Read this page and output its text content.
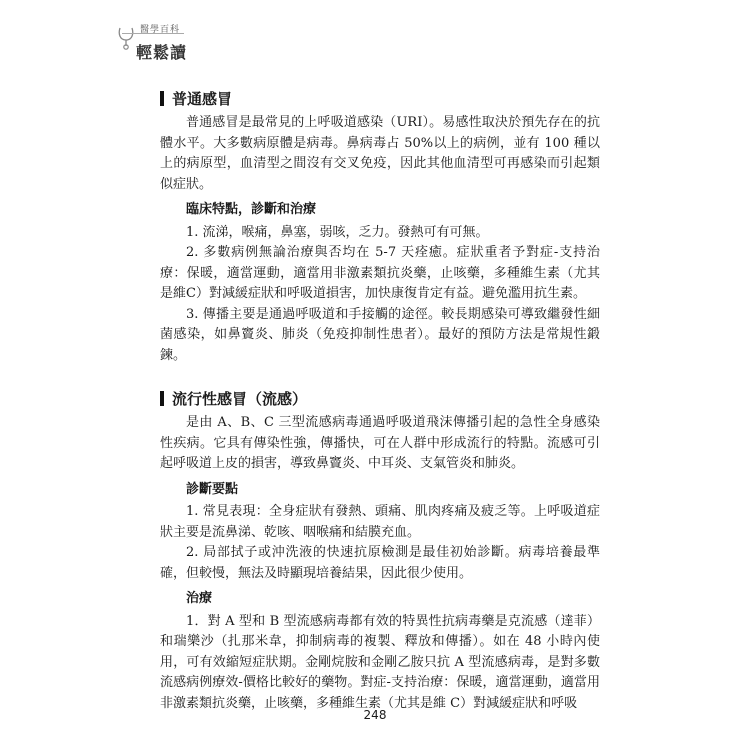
醫學百科
輕鬆讀
普通感冒

普通感冒是最常見的上呼吸道感染（URI）。易感性取決於預先存在的抗體水平。大多數病原體是病毒。鼻病毒占 50%以上的病例，並有 100 種以上的病原型，血清型之間沒有交叉免疫，因此其他血清型可再感染而引起類似症狀。

臨床特點，診斷和治療

1. 流涕，喉痛，鼻塞，弱咳，乏力。發熱可有可無。

2. 多數病例無論治療與否均在 5-7 天痊癒。症狀重者予對症-支持治療：保暖，適當運動，適當用非激素類抗炎藥，止咳藥，多種維生素（尤其是維C）對減緩症狀和呼吸道損害，加快康復肯定有益。避免濫用抗生素。

3. 傳播主要是通過呼吸道和手接觸的途徑。較長期感染可導致繼發性細菌感染，如鼻竇炎、肺炎（免疫抑制性患者）。最好的預防方法是常規性鍛鍊。

流行性感冒（流感）

是由 A、B、C 三型流感病毒通過呼吸道飛沫傳播引起的急性全身感染性疾病。它具有傳染性強，傳播快，可在人群中形成流行的特點。流感可引起呼吸道上皮的損害，導致鼻竇炎、中耳炎、支氣管炎和肺炎。

診斷要點

1. 常見表現：全身症狀有發熱、頭痛、肌肉疼痛及疲乏等。上呼吸道症狀主要是流鼻涕、乾咳、咽喉痛和結膜充血。

2. 局部拭子或沖洗液的快速抗原檢測是最佳初始診斷。病毒培養最準確，但較慢，無法及時顯現培養結果，因此很少使用。

治療

1．對 A 型和 B 型流感病毒都有效的特異性抗病毒藥是克流感（達菲）和瑞樂沙（扎那米韋，抑制病毒的複製、釋放和傳播）。如在 48 小時內使用，可有效縮短症狀期。金剛烷胺和金剛乙胺只抗 A 型流感病毒，是對多數流感病例療效-價格比較好的藥物。對症-支持治療：保暖，適當運動，適當用非激素類抗炎藥，止咳藥，多種維生素（尤其是維 C）對減緩症狀和呼吸

248
